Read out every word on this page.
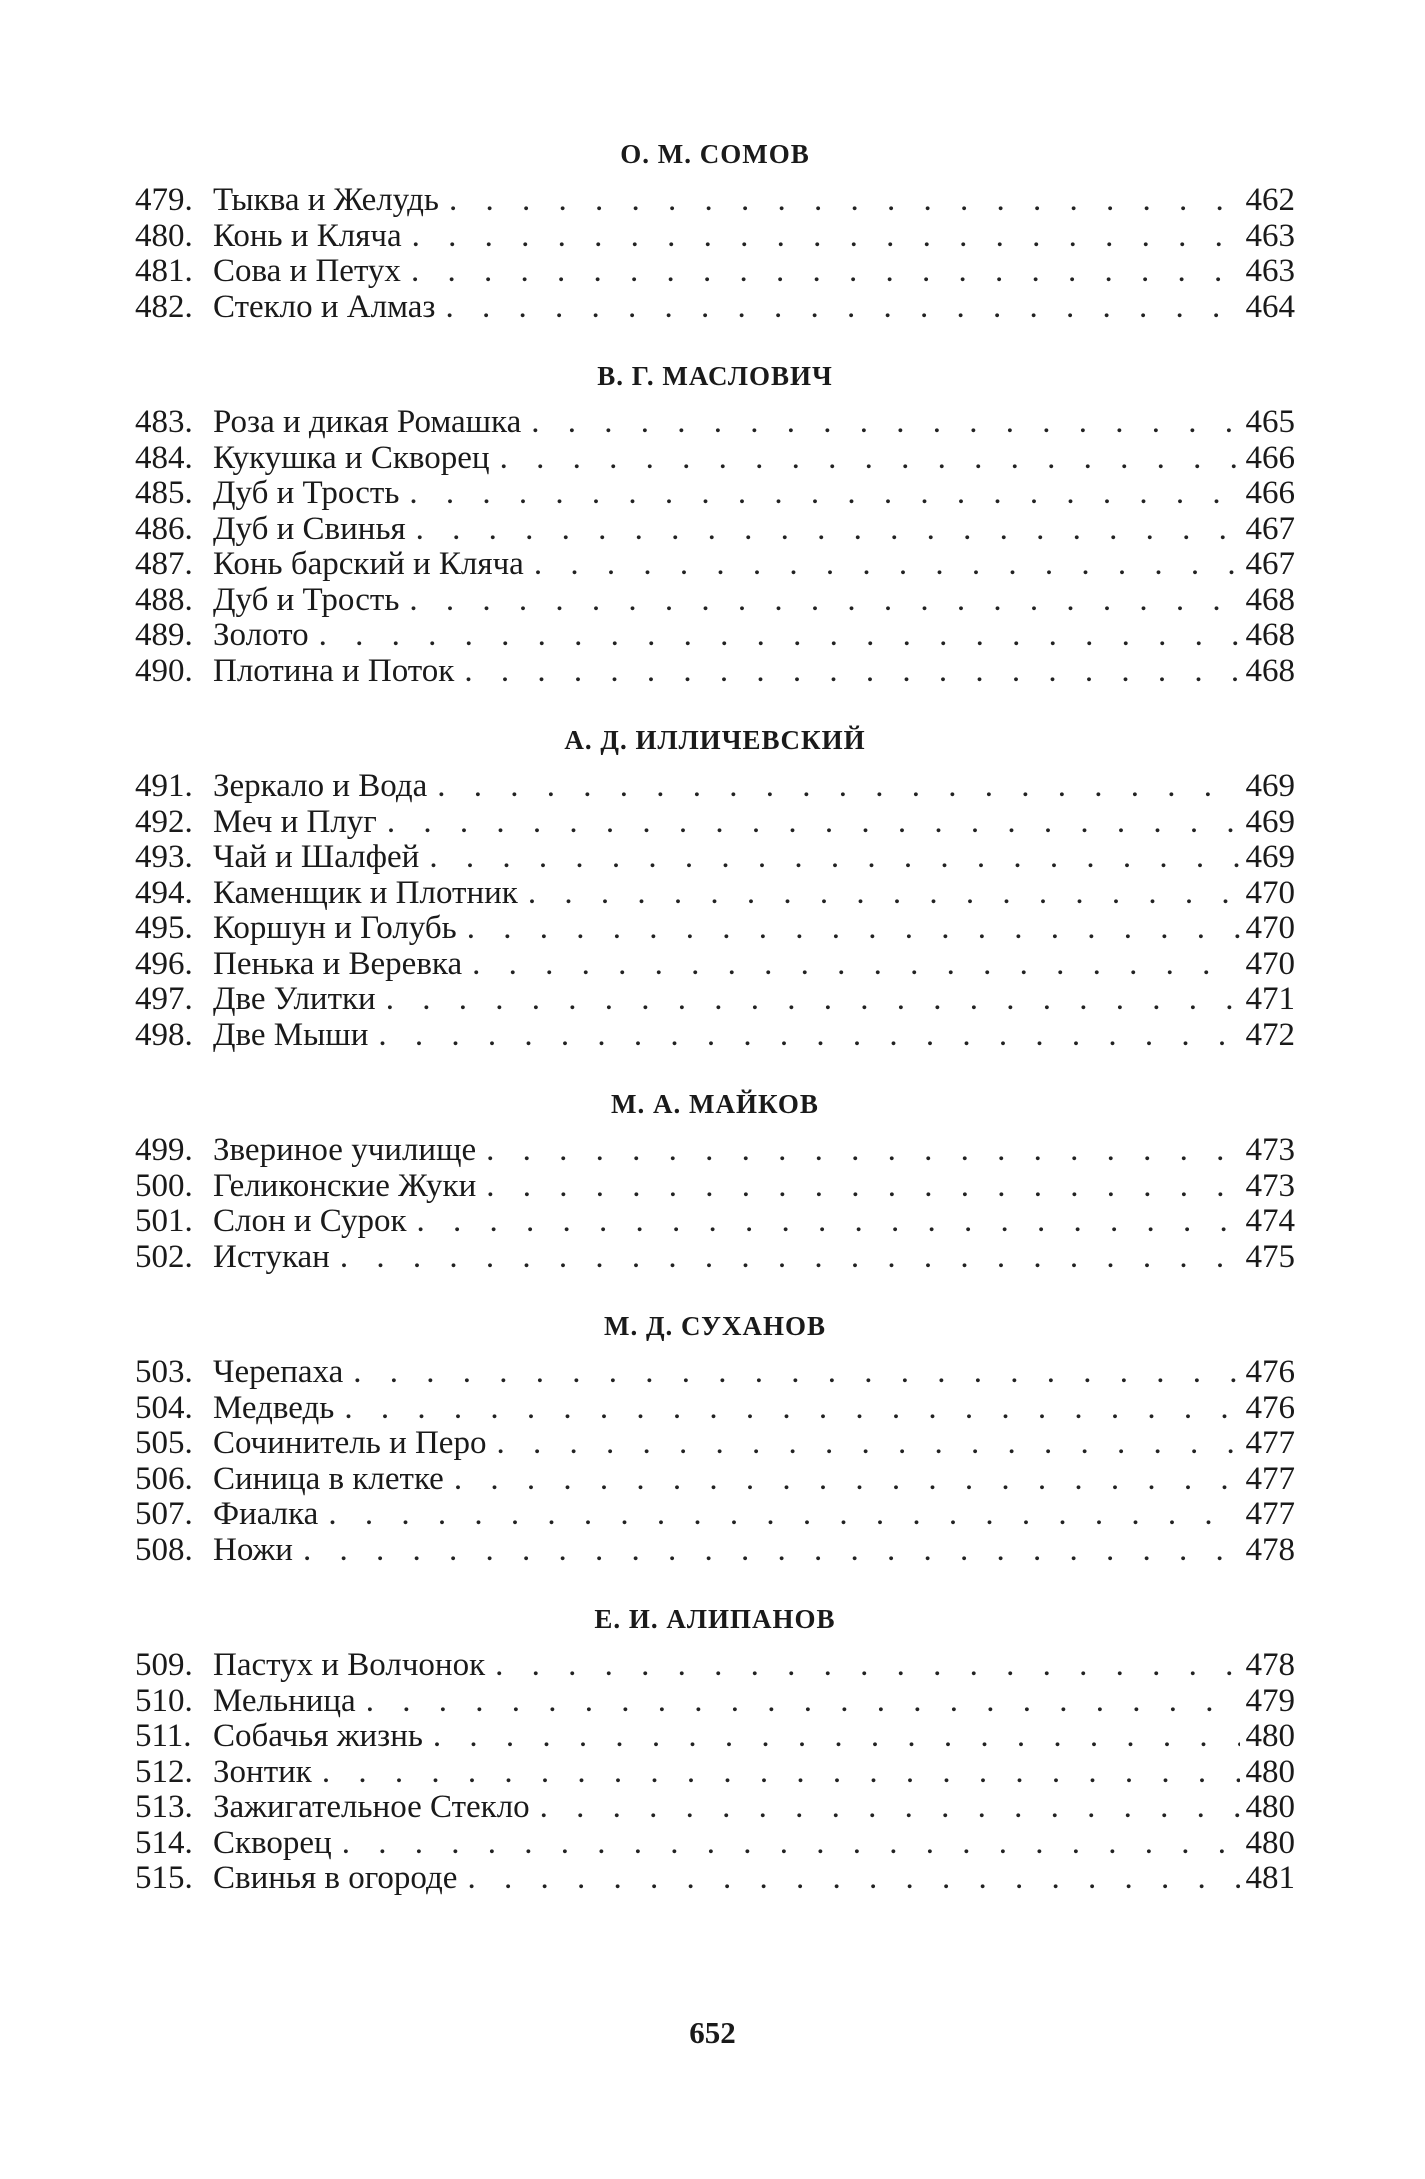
О. М. СОМОВ
479. Тыква и Желудь . . .	462
480. Конь и Кляча . . .	463
481. Сова и Петух . . .	463
482. Стекло и Алмаз . . .	464
В. Г. МАСЛОВИЧ
483. Роза и дикая Ромашка . . .	465
484. Кукушка и Скворец . . .	466
485. Дуб и Трость . . .	466
486. Дуб и Свинья . . .	467
487. Конь барский и Кляча . . .	467
488. Дуб и Трость . . .	468
489. Золото . . .	468
490. Плотина и Поток . . .	468
А. Д. ИЛЛИЧЕВСКИЙ
491. Зеркало и Вода . . .	469
492. Меч и Плуг . . .	469
493. Чай и Шалфей . . .	469
494. Каменщик и Плотник . . .	470
495. Коршун и Голубь . . .	470
496. Пенька и Веревка . . .	470
497. Две Улитки . . .	471
498. Две Мыши . . .	472
М. А. МАЙКОВ
499. Звериное училище . . .	473
500. Геликонские Жуки . . .	473
501. Слон и Сурок . . .	474
502. Истукан . . .	475
М. Д. СУХАНОВ
503. Черепаха . . .	476
504. Медведь . . .	476
505. Сочинитель и Перо . . .	477
506. Синица в клетке . . .	477
507. Фиалка . . .	477
508. Ножи . . .	478
Е. И. АЛИПАНОВ
509. Пастух и Волчонок . . .	478
510. Мельница . . .	479
511. Собачья жизнь . . .	480
512. Зонтик . . .	480
513. Зажигательное Стекло . . .	480
514. Скворец . . .	480
515. Свинья в огороде . . .	481
652
